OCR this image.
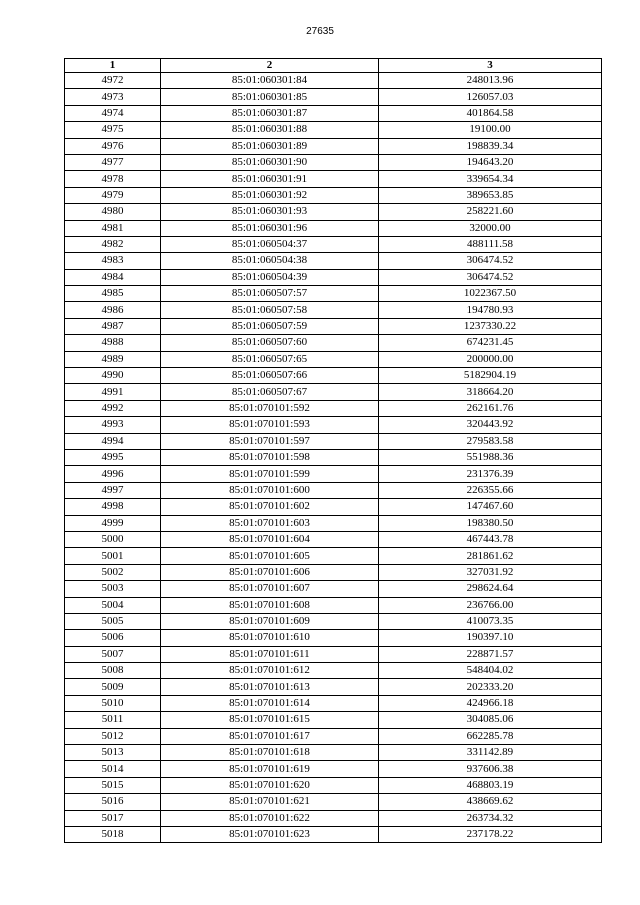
27635
1	2	3
4972	85:01:060301:84	248013.96
4973	85:01:060301:85	126057.03
4974	85:01:060301:87	401864.58
4975	85:01:060301:88	19100.00
4976	85:01:060301:89	198839.34
4977	85:01:060301:90	194643.20
4978	85:01:060301:91	339654.34
4979	85:01:060301:92	389653.85
4980	85:01:060301:93	258221.60
4981	85:01:060301:96	32000.00
4982	85:01:060504:37	488111.58
4983	85:01:060504:38	306474.52
4984	85:01:060504:39	306474.52
4985	85:01:060507:57	1022367.50
4986	85:01:060507:58	194780.93
4987	85:01:060507:59	1237330.22
4988	85:01:060507:60	674231.45
4989	85:01:060507:65	200000.00
4990	85:01:060507:66	5182904.19
4991	85:01:060507:67	318664.20
4992	85:01:070101:592	262161.76
4993	85:01:070101:593	320443.92
4994	85:01:070101:597	279583.58
4995	85:01:070101:598	551988.36
4996	85:01:070101:599	231376.39
4997	85:01:070101:600	226355.66
4998	85:01:070101:602	147467.60
4999	85:01:070101:603	198380.50
5000	85:01:070101:604	467443.78
5001	85:01:070101:605	281861.62
5002	85:01:070101:606	327031.92
5003	85:01:070101:607	298624.64
5004	85:01:070101:608	236766.00
5005	85:01:070101:609	410073.35
5006	85:01:070101:610	190397.10
5007	85:01:070101:611	228871.57
5008	85:01:070101:612	548404.02
5009	85:01:070101:613	202333.20
5010	85:01:070101:614	424966.18
5011	85:01:070101:615	304085.06
5012	85:01:070101:617	662285.78
5013	85:01:070101:618	331142.89
5014	85:01:070101:619	937606.38
5015	85:01:070101:620	468803.19
5016	85:01:070101:621	438669.62
5017	85:01:070101:622	263734.32
5018	85:01:070101:623	237178.22
